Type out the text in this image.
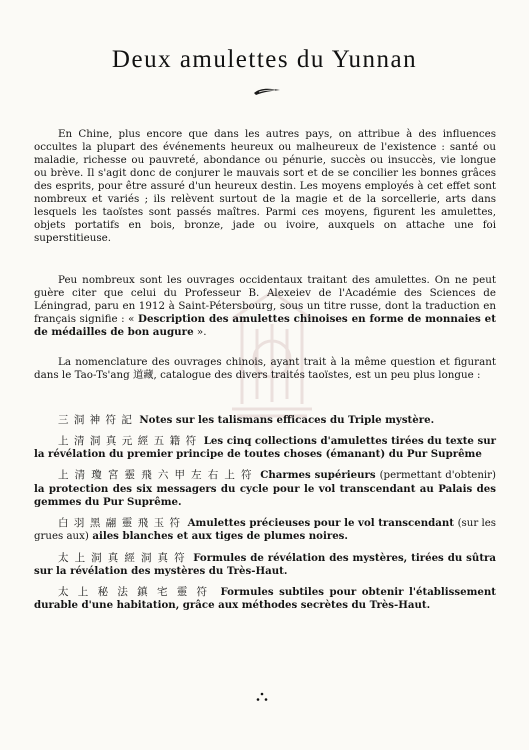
Deux amulettes du Yunnan

En Chine, plus encore que dans les autres pays, on attribue à des influences occultes la plupart des événements heureux ou malheureux de l'existence : santé ou maladie, richesse ou pauvreté, abondance ou pénurie, succès ou insuccès, vie longue ou brève. Il s'agit donc de conjurer le mauvais sort et de se concilier les bonnes grâces des esprits, pour être assuré d'un heureux destin. Les moyens employés à cet effet sont nombreux et variés ; ils relèvent surtout de la magie et de la sorcellerie, arts dans lesquels les taoïstes sont passés maîtres. Parmi ces moyens, figurent les amulettes, objets portatifs en bois, bronze, jade ou ivoire, auxquels on attache une foi superstitieuse.

Peu nombreux sont les ouvrages occidentaux traitant des amulettes. On ne peut guère citer que celui du Professeur B. Alexeiev de l'Académie des Sciences de Léningrad, paru en 1912 à Saint-Pétersbourg, sous un titre russe, dont la traduction en français signifie : « Description des amulettes chinoises en forme de monnaies et de médailles de bon augure ».

La nomenclature des ouvrages chinois, ayant trait à la même question et figurant dans le Tao-Ts'ang 道藏, catalogue des divers traités taoïstes, est un peu plus longue :

三 洞 神 符 記 Notes sur les talismans efficaces du Triple mystère.

上 清 洞 真 元 經 五 籍 符 Les cinq collections d'amulettes tirées du texte sur la révélation du premier principe de toutes choses (émanant) du Pur Suprême

上 清 瓊 宮 靈 飛 六 甲 左 右 上 符 Charmes supérieurs (permettant d'obtenir) la protection des six messagers du cycle pour le vol transcendant au Palais des gemmes du Pur Suprême.

白 羽 黑 翮 靈 飛 玉 符 Amulettes précieuses pour le vol transcendant (sur les grues aux) ailes blanches et aux tiges de plumes noires.

太 上 洞 真 經 洞 真 符 Formules de révélation des mystères, tirées du sûtra sur la révélation des mystères du Très-Haut.

太 上 秘 法 鎮 宅 靈 符 Formules subtiles pour obtenir l'établissement durable d'une habitation, grâce aux méthodes secrètes du Très-Haut.
